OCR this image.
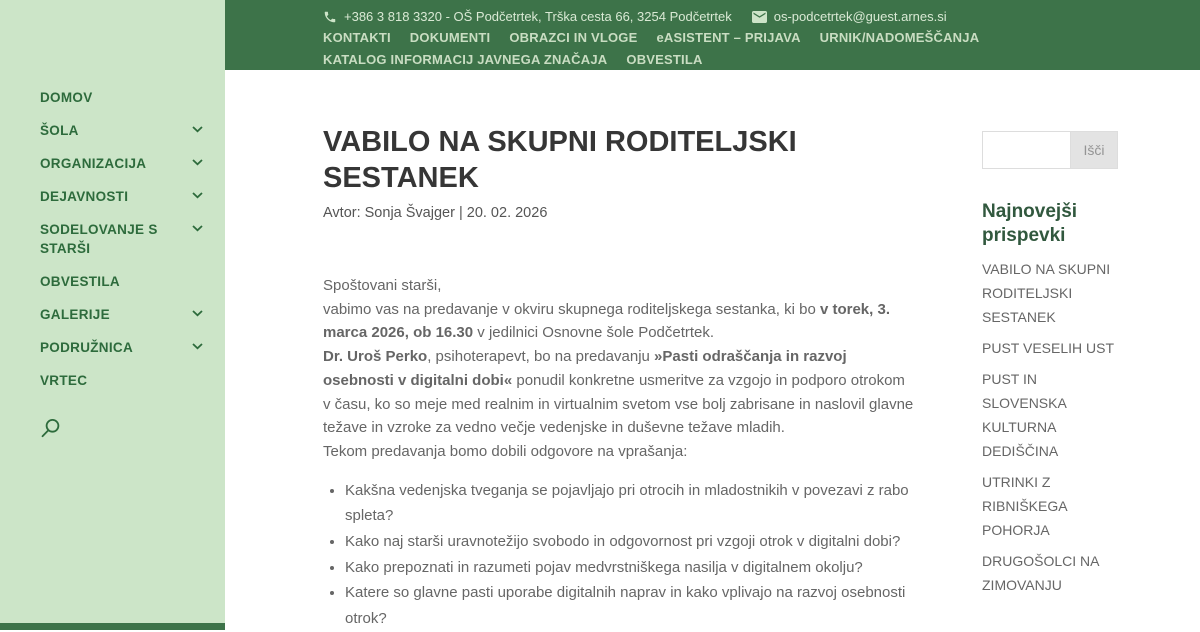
+386 3 818 3320 - OŠ Podčetrtek, Trška cesta 66, 3254 Podčetrtek	os-podcetrtek@guest.arnes.si
KONTAKTI DOKUMENTI OBRAZCI IN VLOGE eASISTENT – PRIJAVA URNIK/NADOMEŠČANJA
KATALOG INFORMACIJ JAVNEGA ZNAČAJA OBVESTILA
DOMOV
ŠOLA
ORGANIZACIJA
DEJAVNOSTI
SODELOVANJE S STARŠI
OBVESTILA
GALERIJE
PODRUŽNICA
VRTEC
VABILO NA SKUPNI RODITELJSKI SESTANEK
Avtor: Sonja Švajger | 20. 02. 2026

Spoštovani starši,

vabimo vas na predavanje v okviru skupnega roditeljskega sestanka, ki bo v torek, 3. marca 2026, ob 16.30 v jedilnici Osnovne šole Podčetrtek.

Dr. Uroš Perko, psihoterapevt, bo na predavanju »Pasti odraščanja in razvoj osebnosti v digitalni dobi« ponudil konkretne usmeritve za vzgojo in podporo otrokom v času, ko so meje med realnim in virtualnim svetom vse bolj zabrisane in naslovil glavne težave in vzroke za vedno večje vedenjske in duševne težave mladih.

Tekom predavanja bomo dobili odgovore na vprašanja:

• Kakšna vedenjska tveganja se pojavljajo pri otrocih in mladostnikih v povezavi z rabo spleta?
• Kako naj starši uravnotežijo svobodo in odgovornost pri vzgoji otrok v digitalni dobi?
• Kako prepoznati in razumeti pojav medvrstniškega nasilja v digitalnem okolju?
• Katere so glavne pasti uporabe digitalnih naprav in kako vplivajo na razvoj osebnosti otrok?
Išči
Najnovejši prispevki
VABILO NA SKUPNI RODITELJSKI SESTANEK
PUST VESELIH UST
PUST IN SLOVENSKA KULTURNA DEDIŠČINA
UTRINKI Z RIBNIŠKEGA POHORJA
DRUGOŠOLCI NA ZIMOVANJU
